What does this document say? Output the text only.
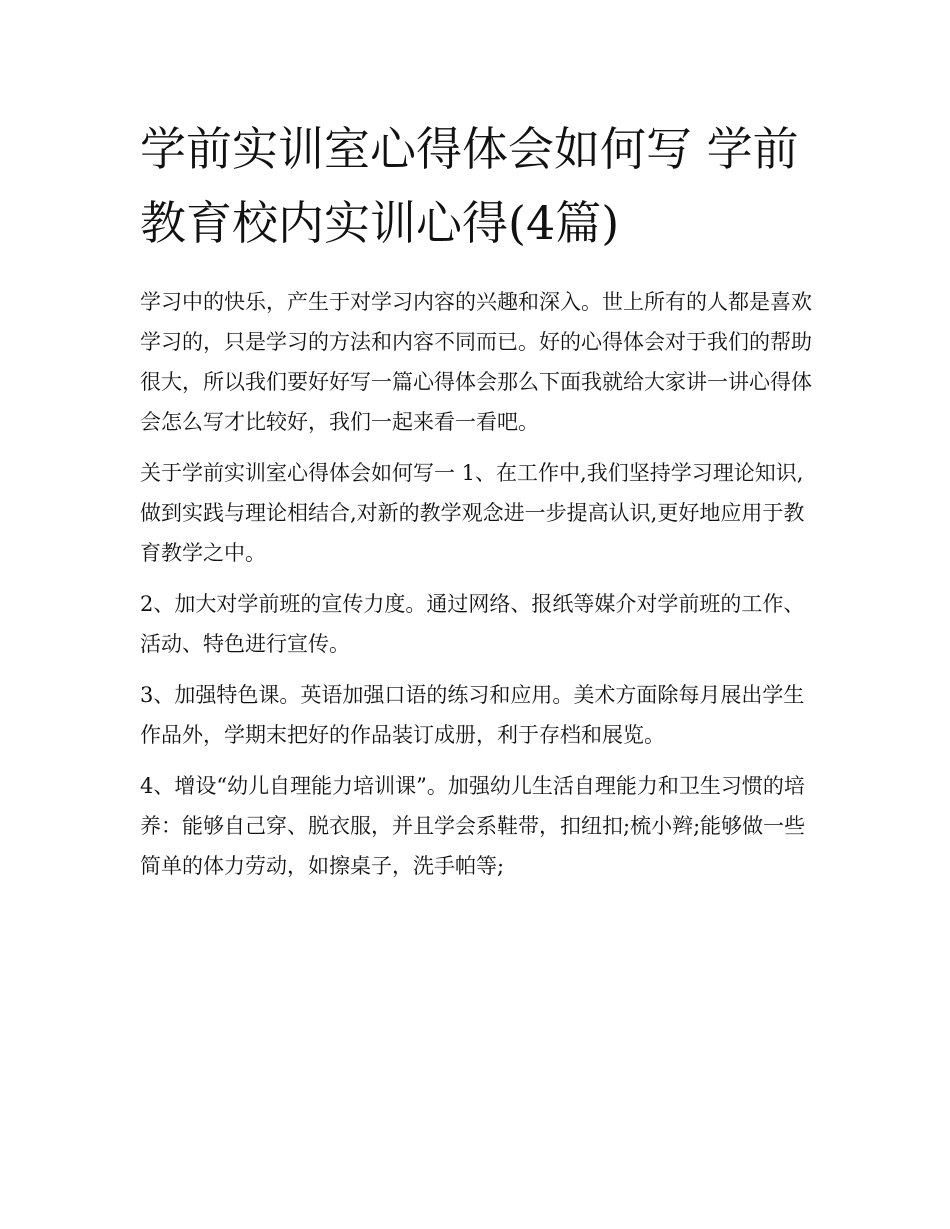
学前实训室心得体会如何写 学前教育校内实训心得(4篇)

学习中的快乐，产生于对学习内容的兴趣和深入。世上所有的人都是喜欢学习的，只是学习的方法和内容不同而已。好的心得体会对于我们的帮助很大，所以我们要好好写一篇心得体会那么下面我就给大家讲一讲心得体会怎么写才比较好，我们一起来看一看吧。

关于学前实训室心得体会如何写一 1、在工作中,我们坚持学习理论知识,做到实践与理论相结合,对新的教学观念进一步提高认识,更好地应用于教育教学之中。

2、加大对学前班的宣传力度。通过网络、报纸等媒介对学前班的工作、活动、特色进行宣传。

3、加强特色课。英语加强口语的练习和应用。美术方面除每月展出学生作品外，学期末把好的作品装订成册，利于存档和展览。

4、增设“幼儿自理能力培训课”。加强幼儿生活自理能力和卫生习惯的培养：能够自己穿、脱衣服，并且学会系鞋带，扣纽扣;梳小辫;能够做一些简单的体力劳动，如擦桌子，洗手帕等;
